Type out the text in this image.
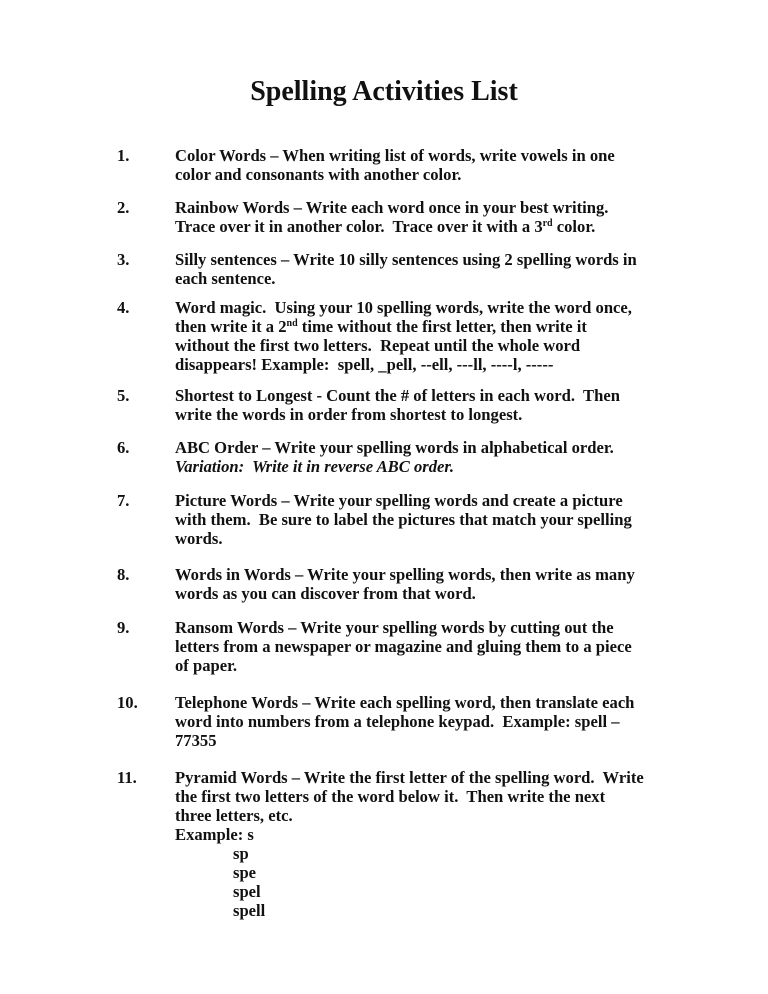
Spelling Activities List
1.	Color Words – When writing list of words, write vowels in one
color and consonants with another color.
2.	Rainbow Words – Write each word once in your best writing.
Trace over it in another color.  Trace over it with a 3rd color.
3.	Silly sentences – Write 10 silly sentences using 2 spelling words in
each sentence.
4.	Word magic.  Using your 10 spelling words, write the word once,
then write it a 2nd time without the first letter, then write it
without the first two letters.  Repeat until the whole word
disappears! Example:  spell, _pell, --ell, ---ll, ----l, -----
5.	Shortest to Longest - Count the # of letters in each word.  Then
write the words in order from shortest to longest.
6.	ABC Order – Write your spelling words in alphabetical order.
Variation:  Write it in reverse ABC order.
7.	Picture Words – Write your spelling words and create a picture
with them.  Be sure to label the pictures that match your spelling
words.
8.	Words in Words – Write your spelling words, then write as many
words as you can discover from that word.
9.	Ransom Words – Write your spelling words by cutting out the
letters from a newspaper or magazine and gluing them to a piece
of paper.
10. Telephone Words – Write each spelling word, then translate each
word into numbers from a telephone keypad.  Example: spell –
77355
11. Pyramid Words – Write the first letter of the spelling word.  Write
the first two letters of the word below it.  Then write the next
three letters, etc.
Example: s
sp
spe
spel
spell
